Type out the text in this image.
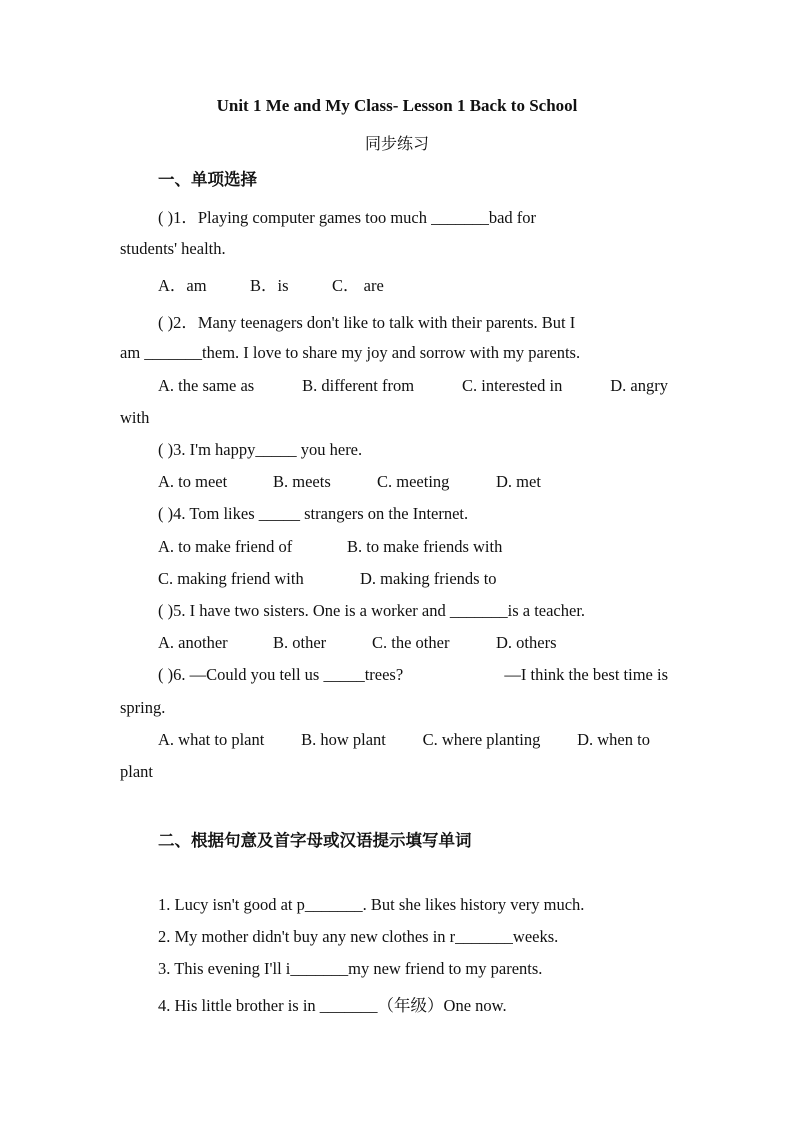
Unit 1 Me and My Class- Lesson 1 Back to School
同步练习
一、单项选择
( )1．Playing computer games too much _______bad for
students' health.
A．am	B．is	C． are
( )2．Many teenagers don't like to talk with their parents. But I
am _______them. I love to share my joy and sorrow with my parents.
A. the same as	B. different from	C. interested in	D. angry
with
( )3. I'm happy_____ you here.
A. to meet	B. meets	C. meeting	D. met
( )4. Tom likes _____ strangers on the Internet.
A. to make friend of	B. to make friends with
C. making friend with	D. making friends to
( )5. I have two sisters. One is a worker and _______is a teacher.
A. another	B. other	C. the other	D. others
( )6. —Could you tell us _____trees?	—I think the best time is
spring.
A. what to plant B. how plant C. where planting D. when to
plant
二、根据句意及首字母或汉语提示填写单词
1. Lucy isn't good at p_______. But she likes history very much.
2. My mother didn't buy any new clothes in r_______weeks.
3. This evening I'll i_______my new friend to my parents.
4. His little brother is in _______（年级）One now.
